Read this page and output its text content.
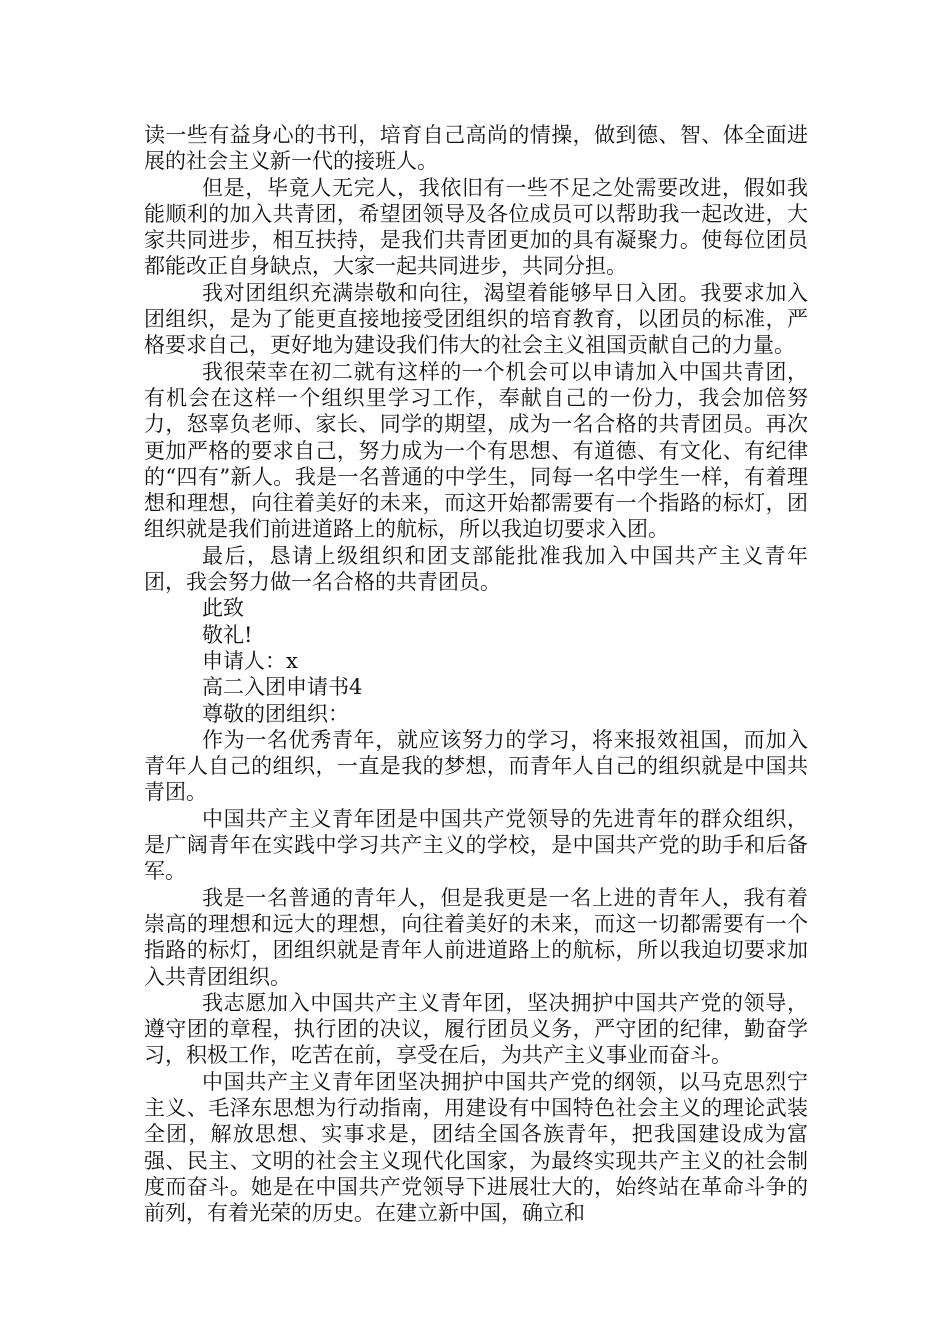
读一些有益身心的书刊，培育自己高尚的情操，做到德、智、体全面进展的社会主义新一代的接班人。

但是，毕竟人无完人，我依旧有一些不足之处需要改进，假如我能顺利的加入共青团，希望团领导及各位成员可以帮助我一起改进，大家共同进步，相互扶持，是我们共青团更加的具有凝聚力。使每位团员都能改正自身缺点，大家一起共同进步，共同分担。

我对团组织充满崇敬和向往，渴望着能够早日入团。我要求加入团组织，是为了能更直接地接受团组织的培育教育，以团员的标准，严格要求自己，更好地为建设我们伟大的社会主义祖国贡献自己的力量。

我很荣幸在初二就有这样的一个机会可以申请加入中国共青团，有机会在这样一个组织里学习工作，奉献自己的一份力，我会加倍努力，怒辜负老师、家长、同学的期望，成为一名合格的共青团员。再次更加严格的要求自己，努力成为一个有思想、有道德、有文化、有纪律的“四有”新人。我是一名普通的中学生，同每一名中学生一样，有着理想和理想，向往着美好的未来，而这开始都需要有一个指路的标灯，团组织就是我们前进道路上的航标，所以我迫切要求入团。

最后，恳请上级组织和团支部能批准我加入中国共产主义青年团，我会努力做一名合格的共青团员。

此致

敬礼!

申请人：x

高二入团申请书4

尊敬的团组织：

作为一名优秀青年，就应该努力的学习，将来报效祖国，而加入青年人自己的组织，一直是我的梦想，而青年人自己的组织就是中国共青团。

中国共产主义青年团是中国共产党领导的先进青年的群众组织，是广阔青年在实践中学习共产主义的学校，是中国共产党的助手和后备军。

我是一名普通的青年人，但是我更是一名上进的青年人，我有着崇高的理想和远大的理想，向往着美好的未来，而这一切都需要有一个指路的标灯，团组织就是青年人前进道路上的航标，所以我迫切要求加入共青团组织。

我志愿加入中国共产主义青年团，坚决拥护中国共产党的领导，遵守团的章程，执行团的决议，履行团员义务，严守团的纪律，勤奋学习，积极工作，吃苦在前，享受在后，为共产主义事业而奋斗。

中国共产主义青年团坚决拥护中国共产党的纲领，以马克思烈宁主义、毛泽东思想为行动指南，用建设有中国特色社会主义的理论武装全团，解放思想、实事求是，团结全国各族青年，把我国建设成为富强、民主、文明的社会主义现代化国家，为最终实现共产主义的社会制度而奋斗。她是在中国共产党领导下进展壮大的，始终站在革命斗争的前列，有着光荣的历史。在建立新中国，确立和
